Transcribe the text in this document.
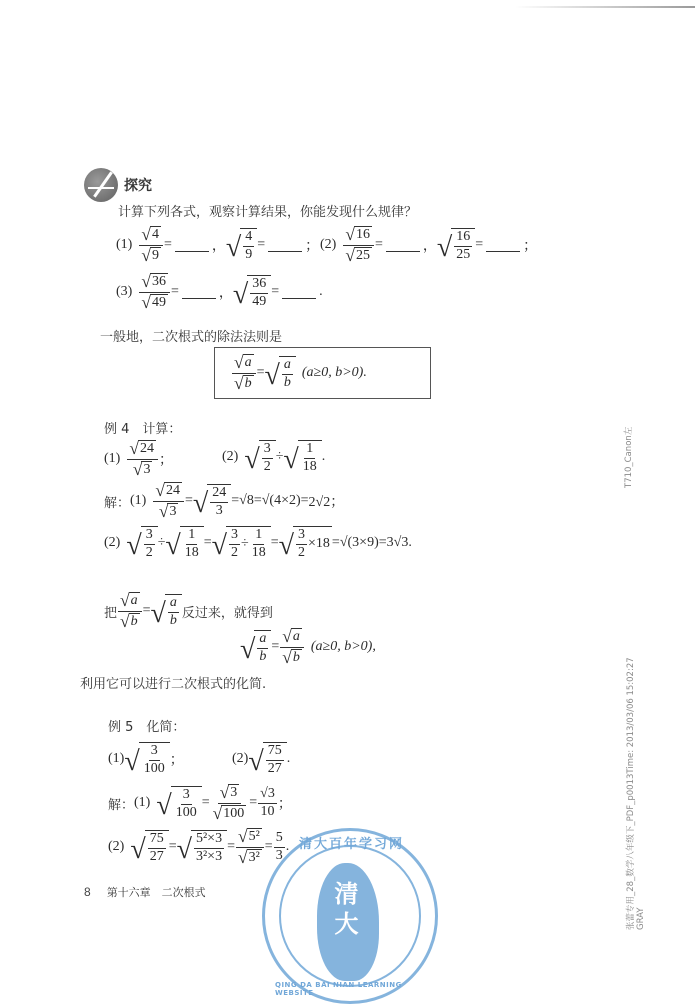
探究
计算下列各式，观察计算结果，你能发现什么规律？
$(1) \frac{√ 4}{√ 9}$ =	， √ $\frac{4}{9}$ =	； $(2) \frac{√ 16}{√ 25}$ =	， √ $\frac{16}{25}$ =	；
$(3) \frac{√ 36}{√ 49}$ =	， √ $\frac{36}{49}$ =	.
一般地，二次根式的除法法则是
$\frac{√ a}{√ b}$ = √ $\frac{a}{b} (a\ge 0$, b>0).
例 4　 计算：
$(1) \frac{√ 24}{√ 3}$ ；	(2) √ $\frac{3}{2}$ ÷ √ $\frac{1}{18}$ .
解： $(1) \frac{√ 24}{√ 3}$ = √ $\frac{24}{3} = √8 = √(4\times 2) = 2√2$；
(2) √ $\frac{3}{2}$ ÷ √ $\frac{1}{18}$ = √ $\frac{3}{2} \div \frac{1}{18}$ = √ $\frac{3}{2} \times 18 = √(3\times 9) = 3√3$.
把 $\frac{√ a}{√ b}$ = √ $\frac{a}{b}$ 反过来，就得到
√ $\frac{a}{b} = \frac{√ a}{√ b} (a\ge 0$, b>0),
利用它可以进行二次根式的化简.
例 5　 化简：
(1) √ $\frac{3}{100}$ ；	(2) √ $\frac{75}{27}$ .
解： (1) √ $\frac{3}{100} = \frac{√ 3}{√ 100} = \frac{√3}{10}$ ；
(2) √ $\frac{75}{27}$ = √ $\frac{\text{5²×3}}{\text{3²×3}} = \frac{\text{√ 5²}}{\text{√ 3²}} = \frac{5}{3}$ .
8 第十六章　二次根式
T710_Canon左
张蕾专用_28_数学八年级下_PDF_p0013Time: 2013/03/06 15:02:27 GRAY
清大
清大百年学习网
QING DA BAI NIAN LEARNING WEBSITE
